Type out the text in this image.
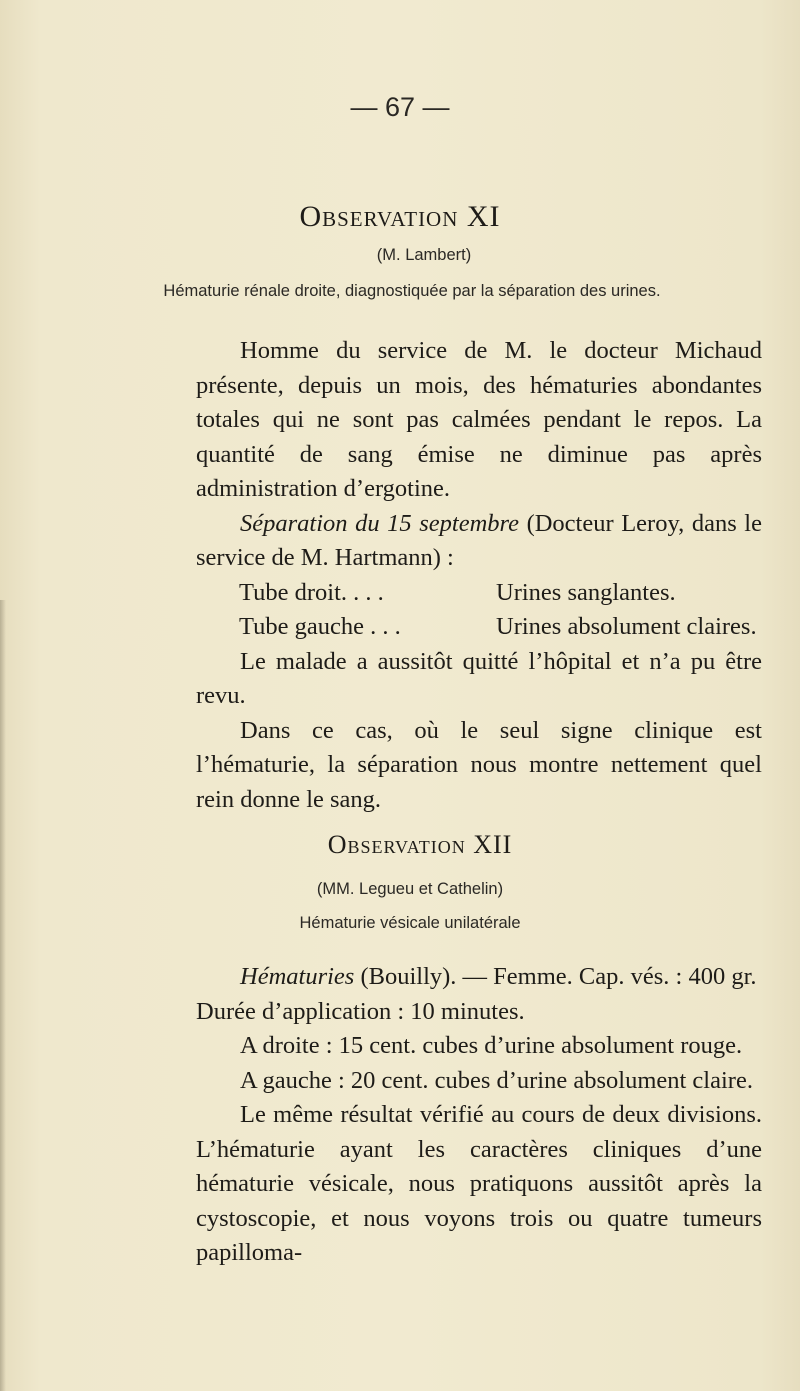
— 67 —
Observation XI
(M. Lambert)
Hématurie rénale droite, diagnostiquée par la séparation des urines.

Homme du service de M. le docteur Michaud présente, depuis un mois, des hématuries abondantes totales qui ne sont pas calmées pendant le repos. La quantité de sang émise ne diminue pas après administration d’ergotine.

Séparation du 15 septembre (Docteur Leroy, dans le service de M. Hartmann) :

Tube droit. . . .	Urines sanglantes.
Tube gauche . . .	Urines absolument claires.

Le malade a aussitôt quitté l’hôpital et n’a pu être revu.

Dans ce cas, où le seul signe clinique est l’hématurie, la séparation nous montre nettement quel rein donne le sang.

Observation XII
(MM. Legueu et Cathelin)
Hématurie vésicale unilatérale

Hématuries (Bouilly). — Femme. Cap. vés. : 400 gr.

Durée d’application : 10 minutes.

A droite : 15 cent. cubes d’urine absolument rouge.

A gauche : 20 cent. cubes d’urine absolument claire.

Le même résultat vérifié au cours de deux divisions. L’hématurie ayant les caractères cliniques d’une hématurie vésicale, nous pratiquons aussitôt après la cystoscopie, et nous voyons trois ou quatre tumeurs papilloma-
